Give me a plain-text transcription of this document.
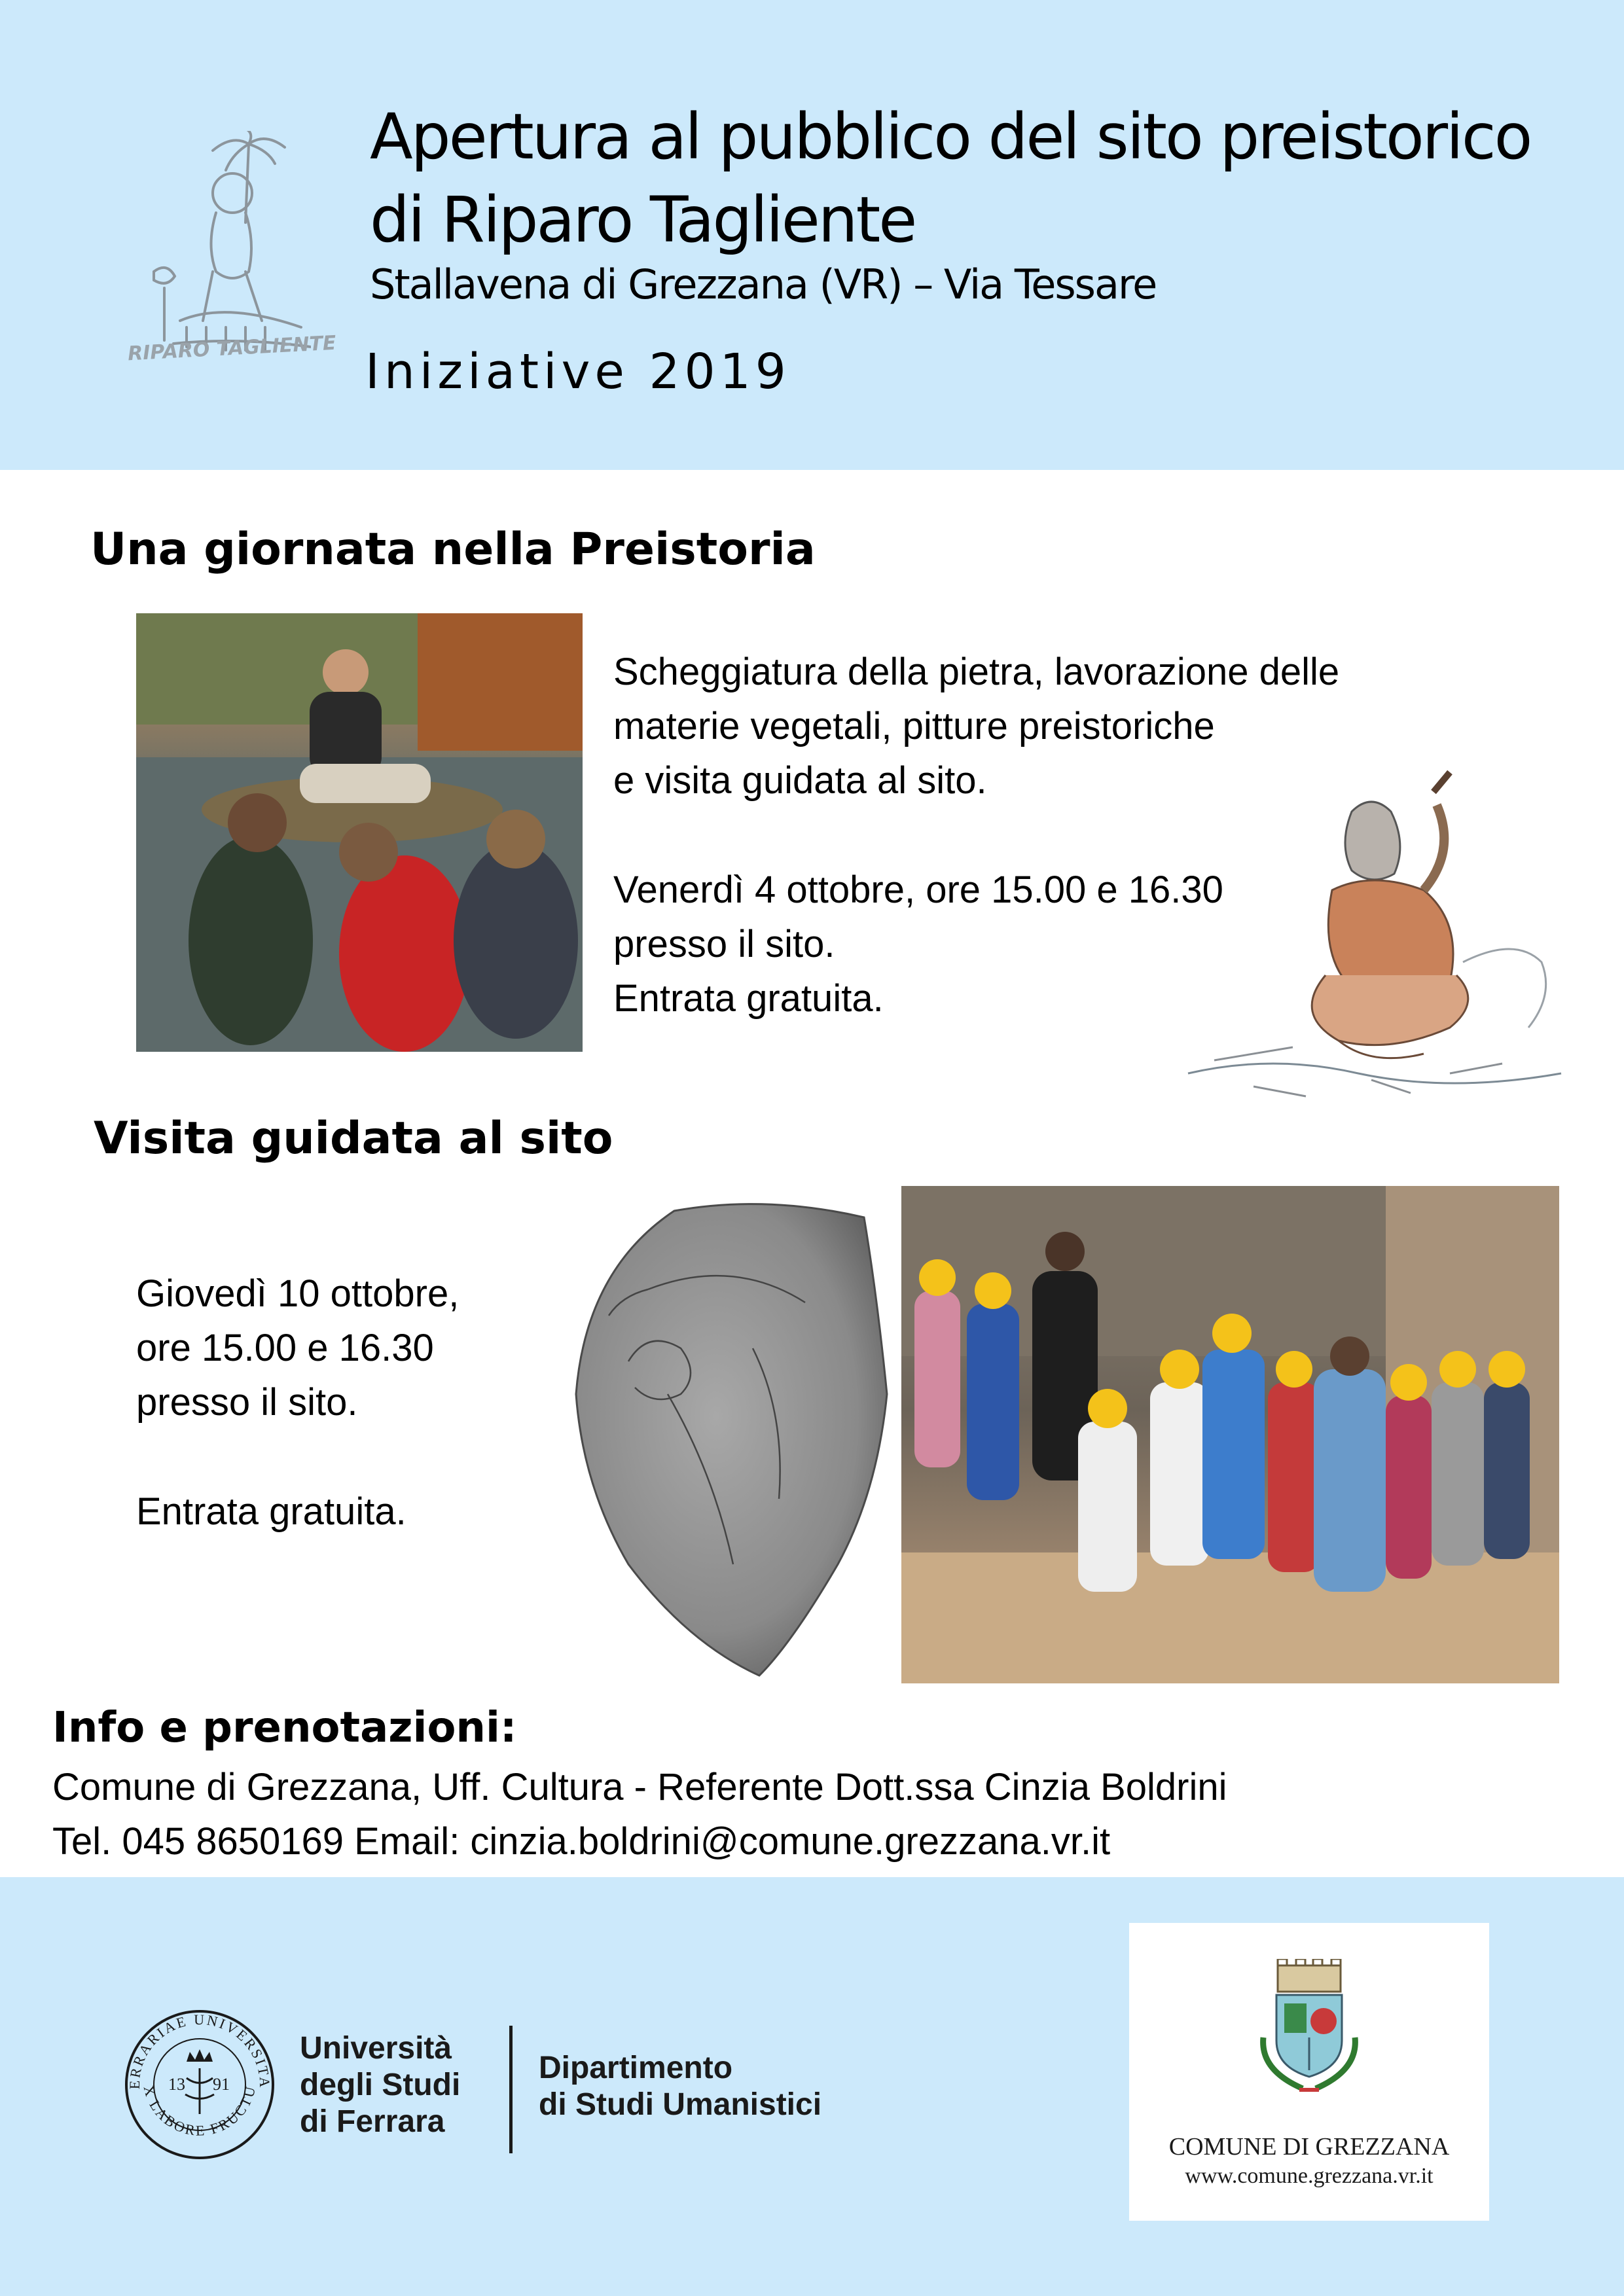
RIPARO TAGLIENTE
Apertura al pubblico del sito preistorico
di Riparo Tagliente
Stallavena di Grezzana (VR) – Via Tessare
Iniziative 2019
Una giornata nella Preistoria
Scheggiatura della pietra, lavorazione delle
materie vegetali, pitture preistoriche
e visita guidata al sito.
Venerdì 4 ottobre, ore 15.00 e 16.30
presso il sito.
Entrata gratuita.
Visita guidata al sito
Giovedì 10 ottobre,
ore 15.00 e 16.30
presso il sito.
Entrata gratuita.
Info e prenotazioni:
Comune di Grezzana, Uff. Cultura - Referente Dott.ssa Cinzia Boldrini
Tel. 045 8650169 Email: cinzia.boldrini@comune.grezzana.vr.it
ERRARIAE UNIVERSITA
X LABORE FRUCTU
13 91
Università
degli Studi
di Ferrara
Dipartimento
di Studi Umanistici
COMUNE DI GREZZANA
www.comune.grezzana.vr.it
